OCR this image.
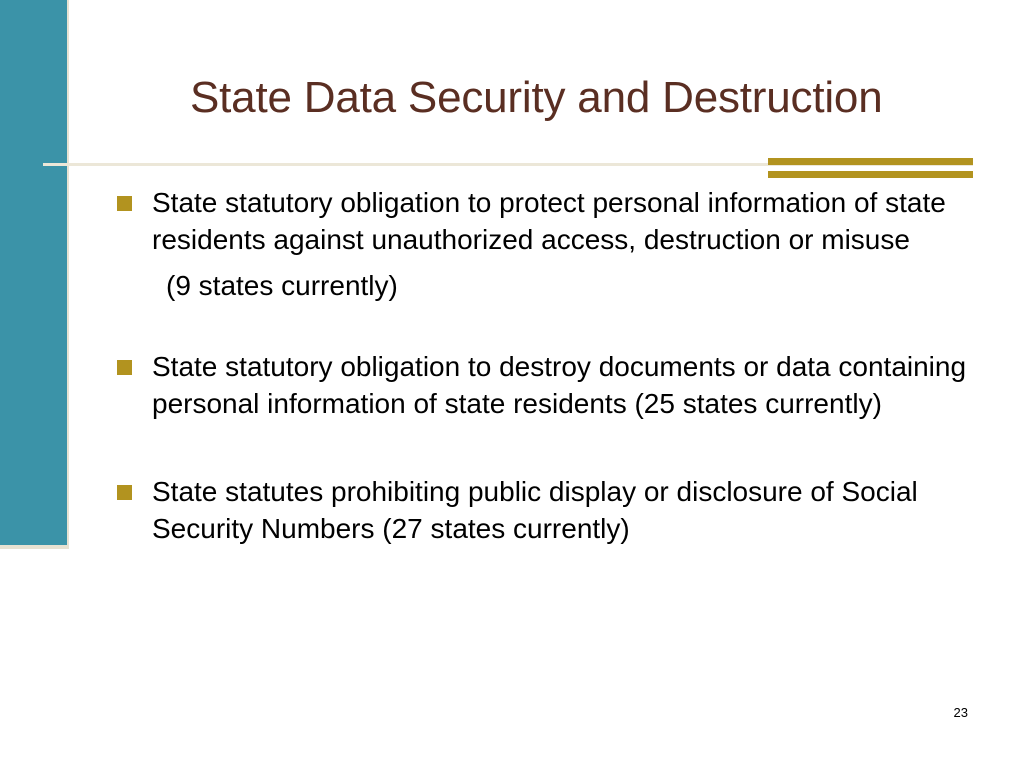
State Data Security and Destruction
State statutory obligation to protect personal information of state residents against unauthorized access, destruction or misuse
(9 states currently)
State statutory obligation to destroy documents or data containing personal information of state residents (25 states currently)
State statutes prohibiting public display or disclosure of Social Security Numbers (27 states currently)
23
